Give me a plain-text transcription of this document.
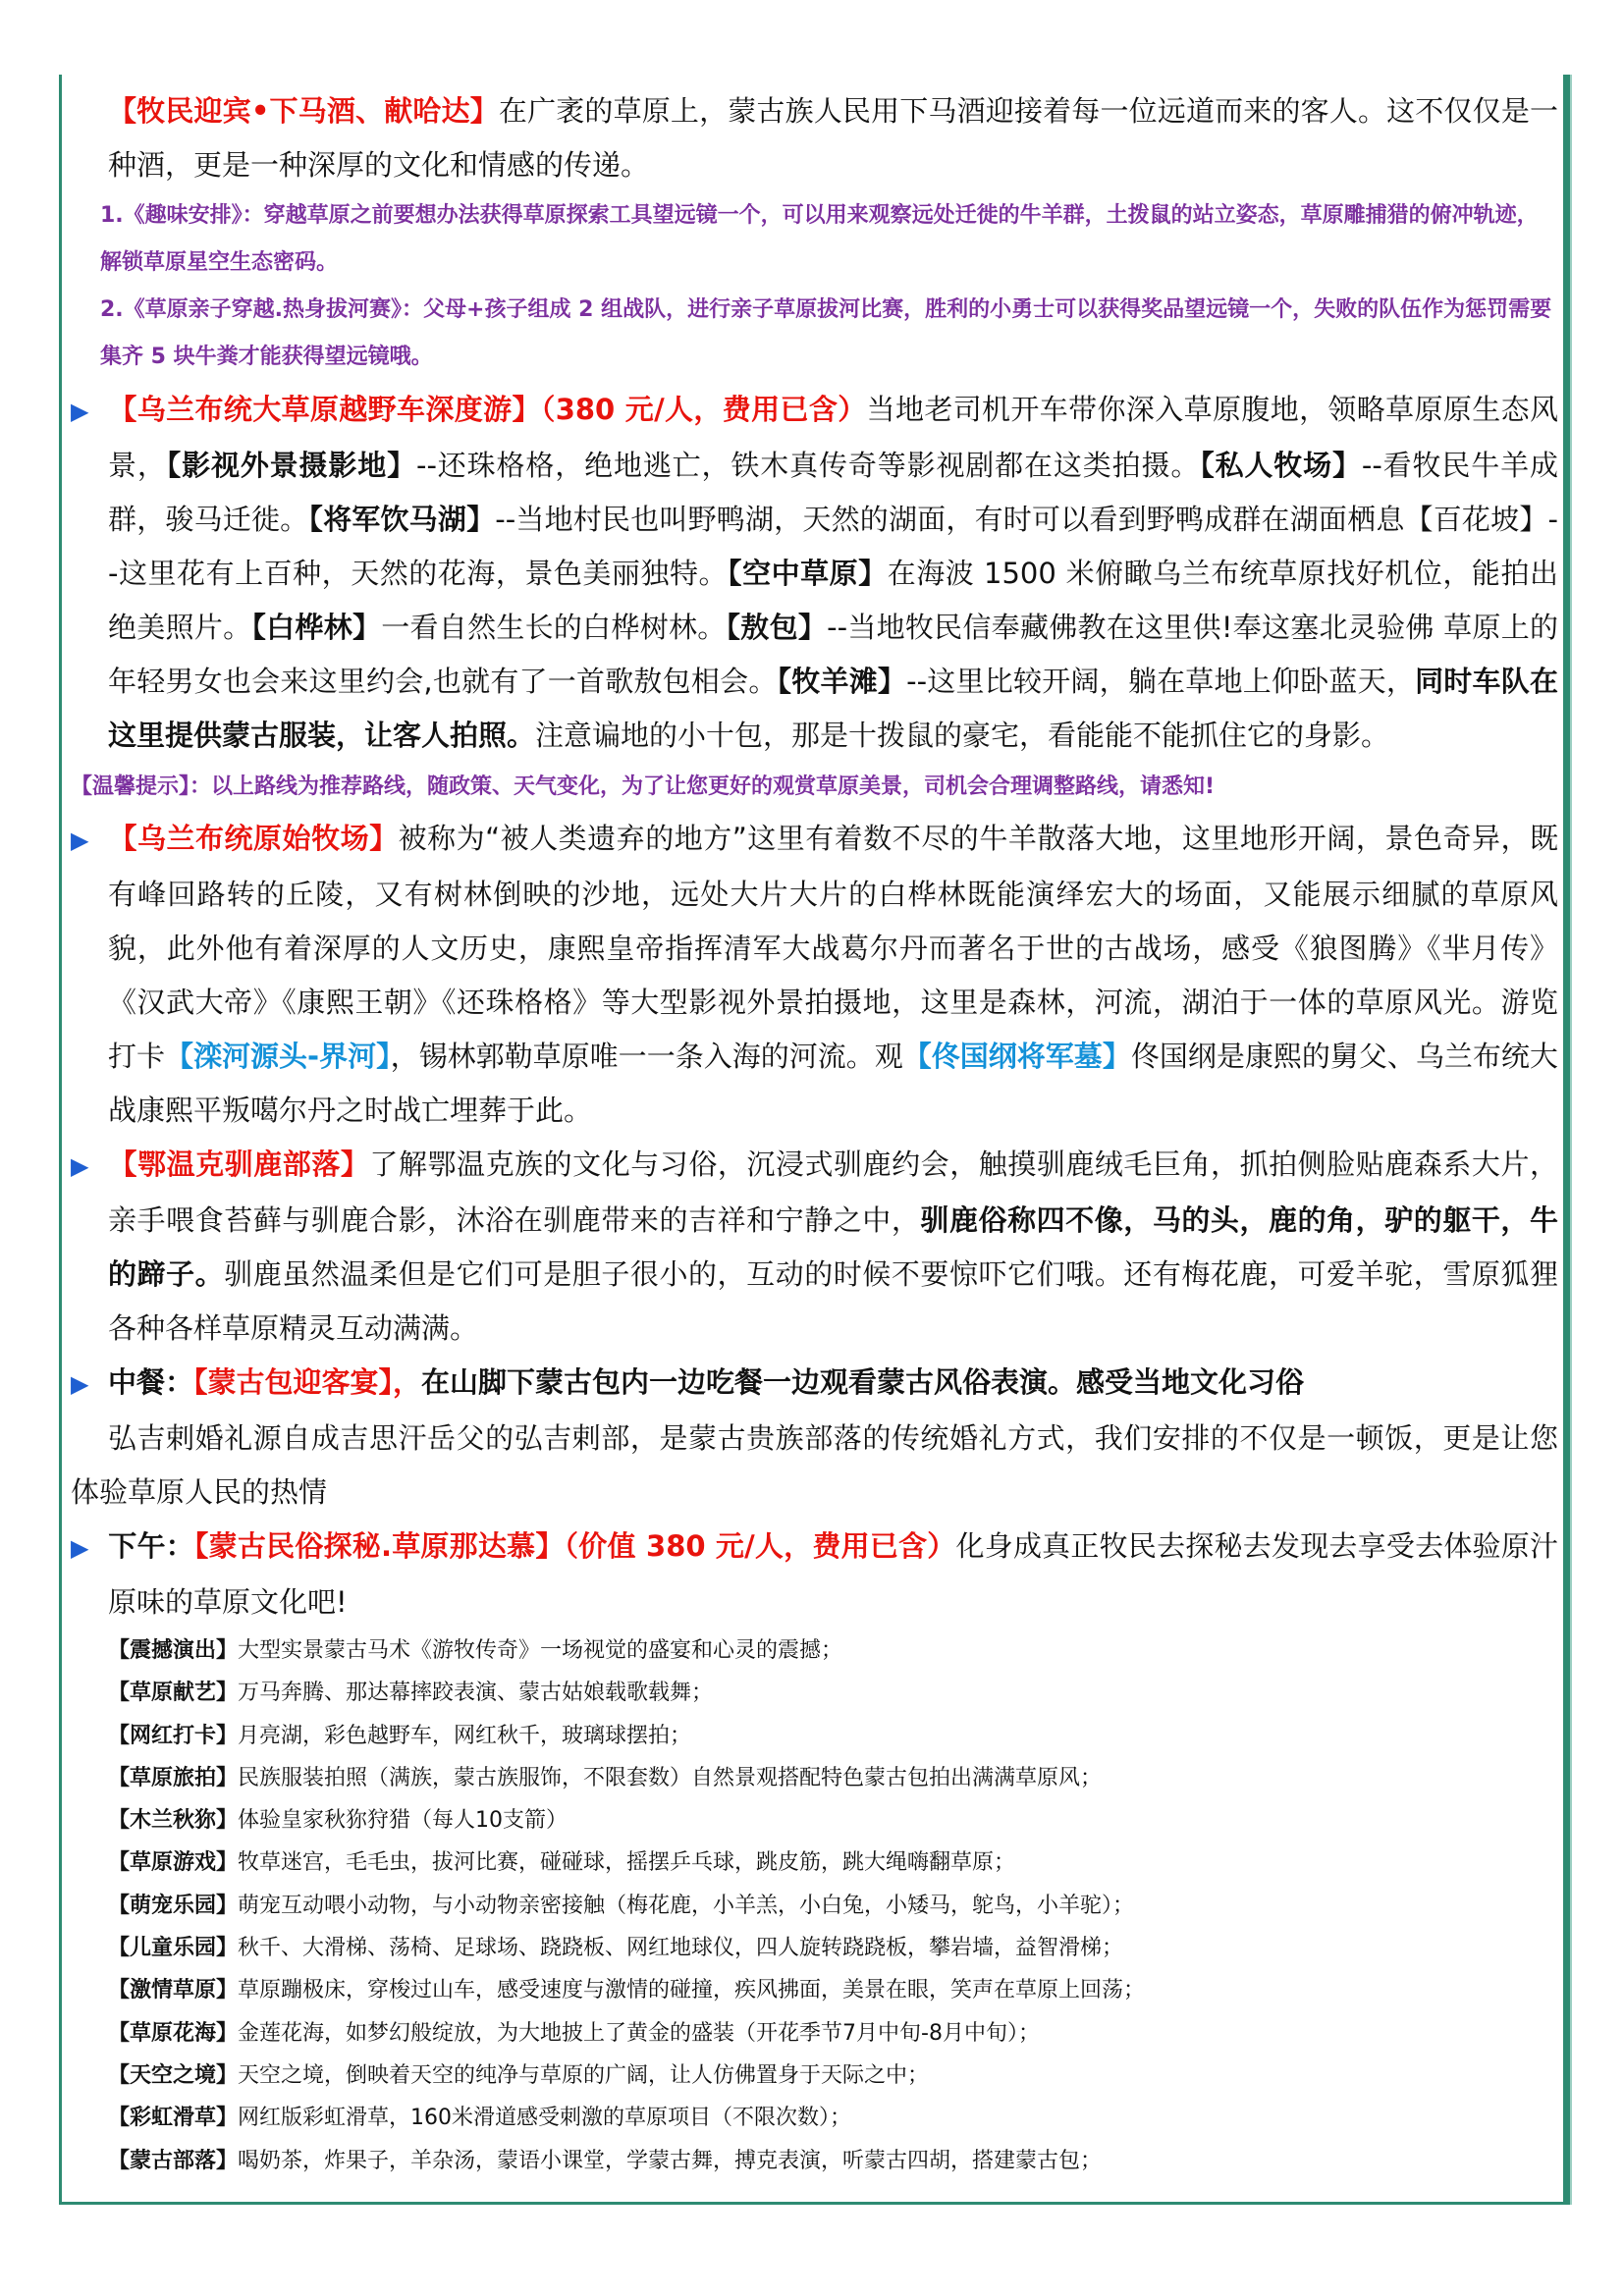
【牧民迎宾•下马酒、献哈达】在广袤的草原上，蒙古族人民用下马酒迎接着每一位远道而来的客人。这不仅仅是一种酒，更是一种深厚的文化和情感的传递。

1.《趣味安排》：穿越草原之前要想办法获得草原探索工具望远镜一个，可以用来观察远处迁徙的牛羊群，土拨鼠的站立姿态，草原雕捕猎的俯冲轨迹，解锁草原星空生态密码。

2.《草原亲子穿越.热身拔河赛》：父母+孩子组成 2 组战队，进行亲子草原拔河比赛，胜利的小勇士可以获得奖品望远镜一个，失败的队伍作为惩罚需要集齐 5 块牛粪才能获得望远镜哦。

▶ 【乌兰布统大草原越野车深度游】（380 元/人，费用已含）当地老司机开车带你深入草原腹地，领略草原原生态风景，【影视外景摄影地】--还珠格格，绝地逃亡，铁木真传奇等影视剧都在这类拍摄。【私人牧场】--看牧民牛羊成群，骏马迁徙。【将军饮马湖】--当地村民也叫野鸭湖，天然的湖面，有时可以看到野鸭成群在湖面栖息【百花坡】--这里花有上百种，天然的花海，景色美丽独特。【空中草原】在海波 1500 米俯瞰乌兰布统草原找好机位，能拍出绝美照片。【白桦林】一看自然生长的白桦树林。【敖包】--当地牧民信奉藏佛教在这里供!奉这塞北灵验佛 草原上的年轻男女也会来这里约会,也就有了一首歌敖包相会。【牧羊滩】--这里比较开阔，躺在草地上仰卧蓝天，同时车队在这里提供蒙古服装，让客人拍照。注意谝地的小十包，那是十拨鼠的豪宅，看能能不能抓住它的身影。

【温馨提示】：以上路线为推荐路线，随政策、天气变化，为了让您更好的观赏草原美景，司机会合理调整路线，请悉知!

▶ 【乌兰布统原始牧场】被称为“被人类遗弃的地方”这里有着数不尽的牛羊散落大地，这里地形开阔，景色奇异，既有峰回路转的丘陵，又有树林倒映的沙地，远处大片大片的白桦林既能演绎宏大的场面，又能展示细腻的草原风貌，此外他有着深厚的人文历史，康熙皇帝指挥清军大战葛尔丹而著名于世的古战场，感受《狼图腾》《芈月传》《汉武大帝》《康熙王朝》《还珠格格》等大型影视外景拍摄地，这里是森林，河流，湖泊于一体的草原风光。游览打卡【滦河源头-界河】，锡林郭勒草原唯一一条入海的河流。观【佟国纲将军墓】佟国纲是康熙的舅父、乌兰布统大战康熙平叛噶尔丹之时战亡埋葬于此。

▶ 【鄂温克驯鹿部落】了解鄂温克族的文化与习俗，沉浸式驯鹿约会，触摸驯鹿绒毛巨角，抓拍侧脸贴鹿森系大片，亲手喂食苔藓与驯鹿合影，沐浴在驯鹿带来的吉祥和宁静之中，驯鹿俗称四不像，马的头，鹿的角，驴的躯干，牛的蹄子。驯鹿虽然温柔但是它们可是胆子很小的，互动的时候不要惊吓它们哦。还有梅花鹿，可爱羊驼，雪原狐狸各种各样草原精灵互动满满。

▶ 中餐：【蒙古包迎客宴】，在山脚下蒙古包内一边吃餐一边观看蒙古风俗表演。感受当地文化习俗

弘吉剌婚礼源自成吉思汗岳父的弘吉剌部，是蒙古贵族部落的传统婚礼方式，我们安排的不仅是一顿饭，更是让您体验草原人民的热情

▶ 下午：【蒙古民俗探秘.草原那达慕】（价值 380 元/人，费用已含）化身成真正牧民去探秘去发现去享受去体验原汁原味的草原文化吧!

【震撼演出】大型实景蒙古马术《游牧传奇》一场视觉的盛宴和心灵的震撼；

【草原献艺】万马奔腾、那达幕摔跤表演、蒙古姑娘载歌载舞；

【网红打卡】月亮湖，彩色越野车，网红秋千，玻璃球摆拍；

【草原旅拍】民族服装拍照（满族，蒙古族服饰，不限套数）自然景观搭配特色蒙古包拍出满满草原风；

【木兰秋狝】体验皇家秋狝狩猎（每人10支箭）

【草原游戏】牧草迷宫，毛毛虫，拔河比赛，碰碰球，摇摆乒乓球，跳皮筋，跳大绳嗨翻草原；

【萌宠乐园】萌宠互动喂小动物，与小动物亲密接触（梅花鹿，小羊羔，小白兔，小矮马，鸵鸟，小羊驼）；

【儿童乐园】秋千、大滑梯、荡椅、足球场、跷跷板、网红地球仪，四人旋转跷跷板，攀岩墙，益智滑梯；

【激情草原】草原蹦极床，穿梭过山车，感受速度与激情的碰撞，疾风拂面，美景在眼，笑声在草原上回荡；

【草原花海】金莲花海，如梦幻般绽放，为大地披上了黄金的盛装（开花季节7月中旬-8月中旬）；

【天空之境】天空之境，倒映着天空的纯净与草原的广阔，让人仿佛置身于天际之中；

【彩虹滑草】网红版彩虹滑草，160米滑道感受刺激的草原项目（不限次数）；

【蒙古部落】喝奶茶，炸果子，羊杂汤，蒙语小课堂，学蒙古舞，搏克表演，听蒙古四胡，搭建蒙古包；
